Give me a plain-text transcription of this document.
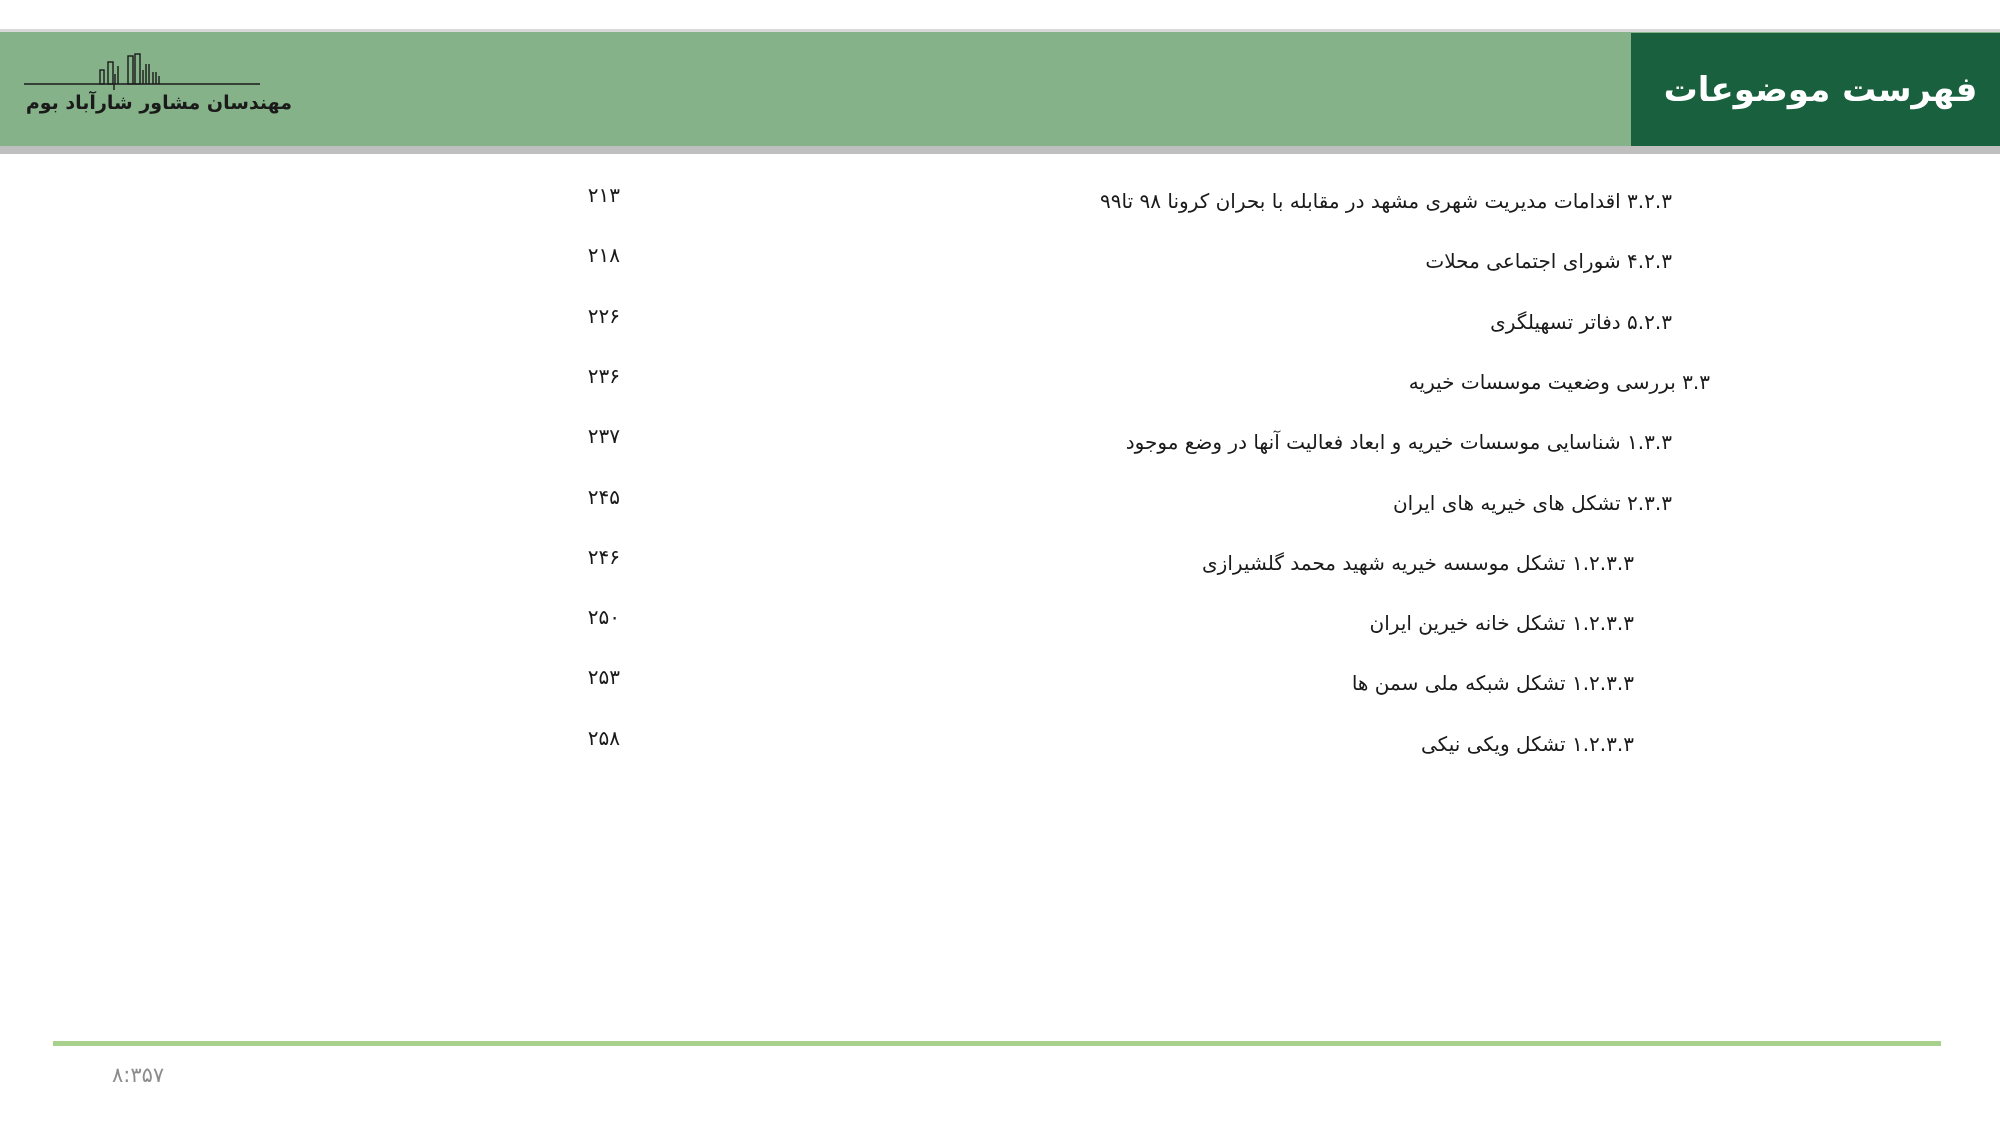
فهرست موضوعات
مهندسان مشاور شارآباد بوم
۳.۲.۳ اقدامات مدیریت شهری مشهد در مقابله با بحران کرونا ۹۸ تا۹۹
۲۱۳
۴.۲.۳ شورای اجتماعی محلات
۲۱۸
۵.۲.۳ دفاتر تسهیلگری
۲۲۶
۳.۳ بررسی وضعیت موسسات خیریه
۲۳۶
۱.۳.۳ شناسایی موسسات خیریه و ابعاد فعالیت آنها در وضع موجود
۲۳۷
۲.۳.۳ تشکل های خیریه های ایران
۲۴۵
۱.۲.۳.۳ تشکل موسسه خیریه شهید محمد گلشیرازی
۲۴۶
۱.۲.۳.۳ تشکل خانه خیرین ایران
۲۵۰
۱.۲.۳.۳ تشکل شبکه ملی سمن ها
۲۵۳
۱.۲.۳.۳ تشکل ویکی نیکی
۲۵۸
۸:۳۵۷
